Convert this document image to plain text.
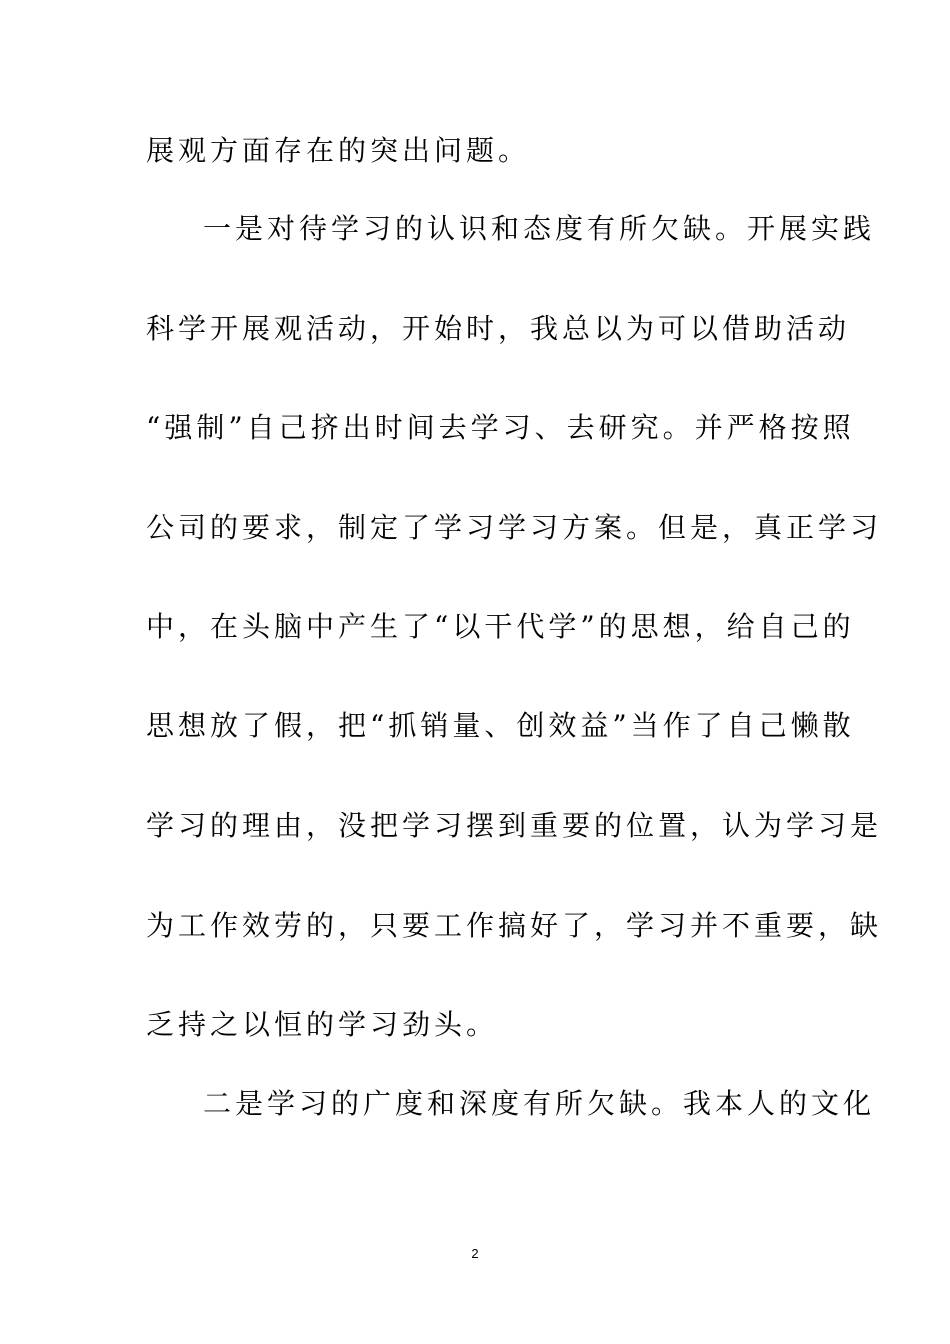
展观方面存在的突出问题。
一是对待学习的认识和态度有所欠缺。开展实践
科学开展观活动，开始时，我总以为可以借助活动
“强制”自己挤出时间去学习、去研究。并严格按照
公司的要求，制定了学习学习方案。但是，真正学习
中，在头脑中产生了“以干代学”的思想，给自己的
思想放了假，把“抓销量、创效益”当作了自己懒散
学习的理由，没把学习摆到重要的位置，认为学习是
为工作效劳的，只要工作搞好了，学习并不重要，缺
乏持之以恒的学习劲头。
二是学习的广度和深度有所欠缺。我本人的文化
2
